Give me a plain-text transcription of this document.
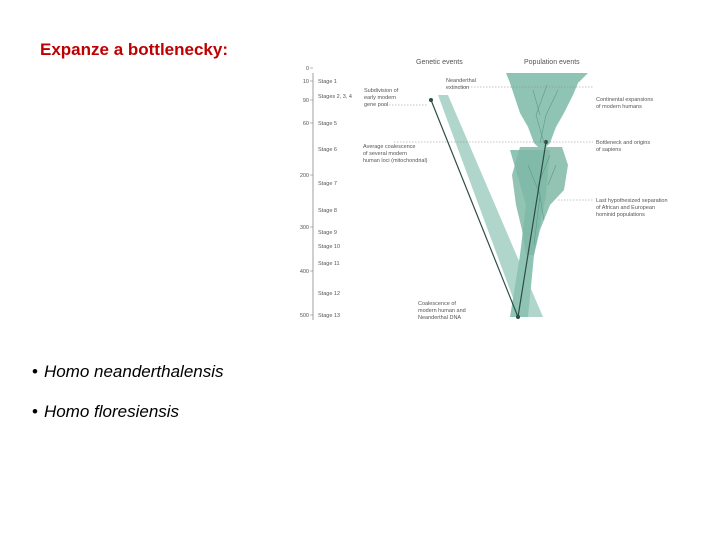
Expanze a bottlenecky:
Genetic events	Population events
0
10 Stage 1
Stages 2, 3, 4
90
60 Stage 5
Stage 6
200
Stage 7
Stage 8
300
Stage 9
Stage 10
Stage 11
400
Stage 12
500 Stage 13
Neanderthal
extinction
Subdivision of
early modern
gene pool
Average coalescence
of several modern
human loci (mitochondrial)
Coalescence of
modern human and
Neanderthal DNA
Continental expansions
of modern humans
Bottleneck and origins
of sapiens
Last hypothesized separation
of African and European
hominid populations
• Homo neanderthalensis
• Homo floresiensis
